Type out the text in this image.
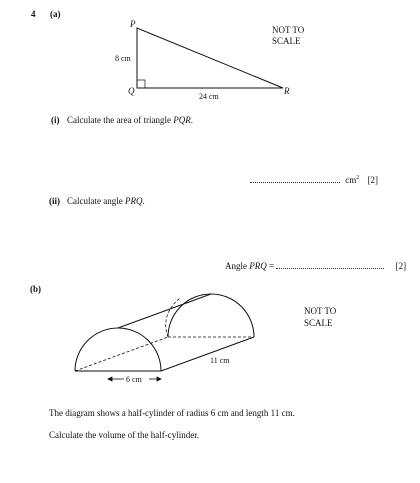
4 (a)
P
Q	R
8 cm
24 cm
NOT TO
SCALE
(i) Calculate the area of triangle PQR.
$cm^2$ [2]
(ii) Calculate angle PRQ.
Angle PRQ =	[2]
(b)
6 cm
11 cm
NOT TO
SCALE
The diagram shows a half-cylinder of radius 6 cm and length 11 cm.
Calculate the volume of the half-cylinder.
